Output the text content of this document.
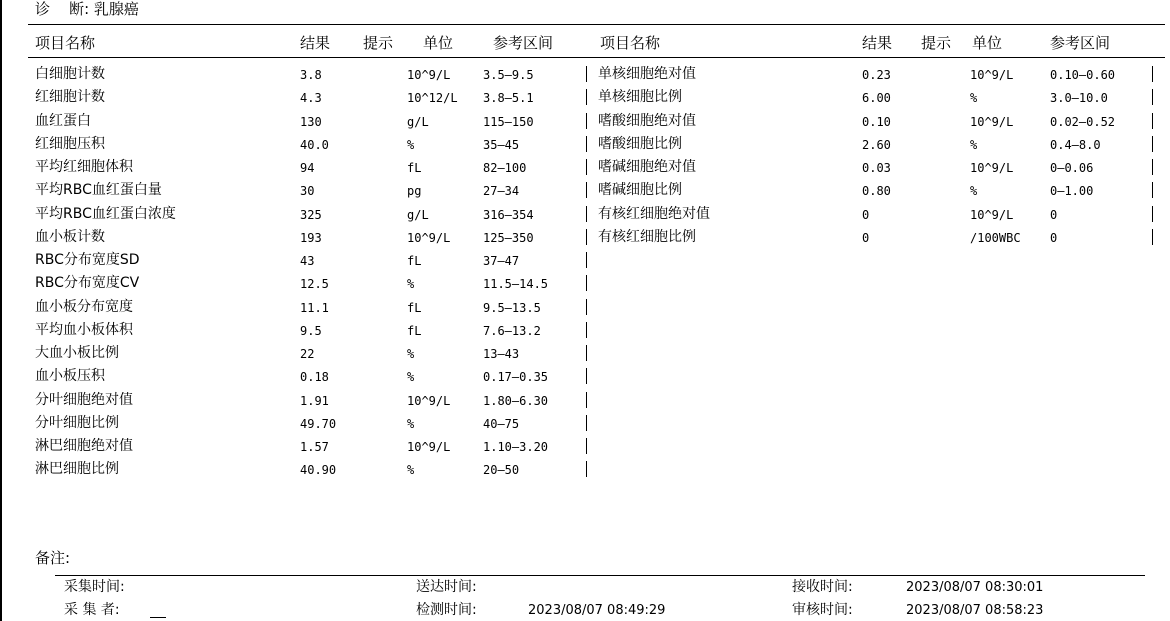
诊    断: 乳腺癌
项目名称	结果 提示 单位	参考区间	项目名称	结果 提示 单位	参考区间
白细胞计数	3.8	10^9/L	3.5—9.5
红细胞计数	4.3	10^12/L 3.8—5.1
血红蛋白	130	g/L	115—150
红细胞压积	40.0	%	35—45
平均红细胞体积	94	fL	82—100
平均RBC血红蛋白量	30	pg	27—34
平均RBC血红蛋白浓度	325	g/L	316—354
血小板计数	193	10^9/L	125—350
RBC分布宽度SD	43	fL	37—47
RBC分布宽度CV	12.5	%	11.5—14.5
血小板分布宽度	11.1	fL	9.5—13.5
平均血小板体积	9.5	fL	7.6—13.2
大血小板比例	22	%	13—43
血小板压积	0.18	%	0.17—0.35
分叶细胞绝对值	1.91	10^9/L	1.80—6.30
分叶细胞比例	49.70	%	40—75
淋巴细胞绝对值	1.57	10^9/L	1.10—3.20
淋巴细胞比例	40.90	%	20—50
单核细胞绝对值	0.23	10^9/L	0.10—0.60
单核细胞比例	6.00	%	3.0—10.0
嗜酸细胞绝对值	0.10	10^9/L	0.02—0.52
嗜酸细胞比例	2.60	%	0.4—8.0
嗜碱细胞绝对值	0.03	10^9/L	0—0.06
嗜碱细胞比例	0.80	%	0—1.00
有核红细胞绝对值	0	10^9/L	0
有核红细胞比例	0	/100WBC 0
备注:
采集时间:
采 集 者:
送达时间:
检测时间:	2023/08/07 08:49:29
接收时间:	2023/08/07 08:30:01
审核时间:	2023/08/07 08:58:23
